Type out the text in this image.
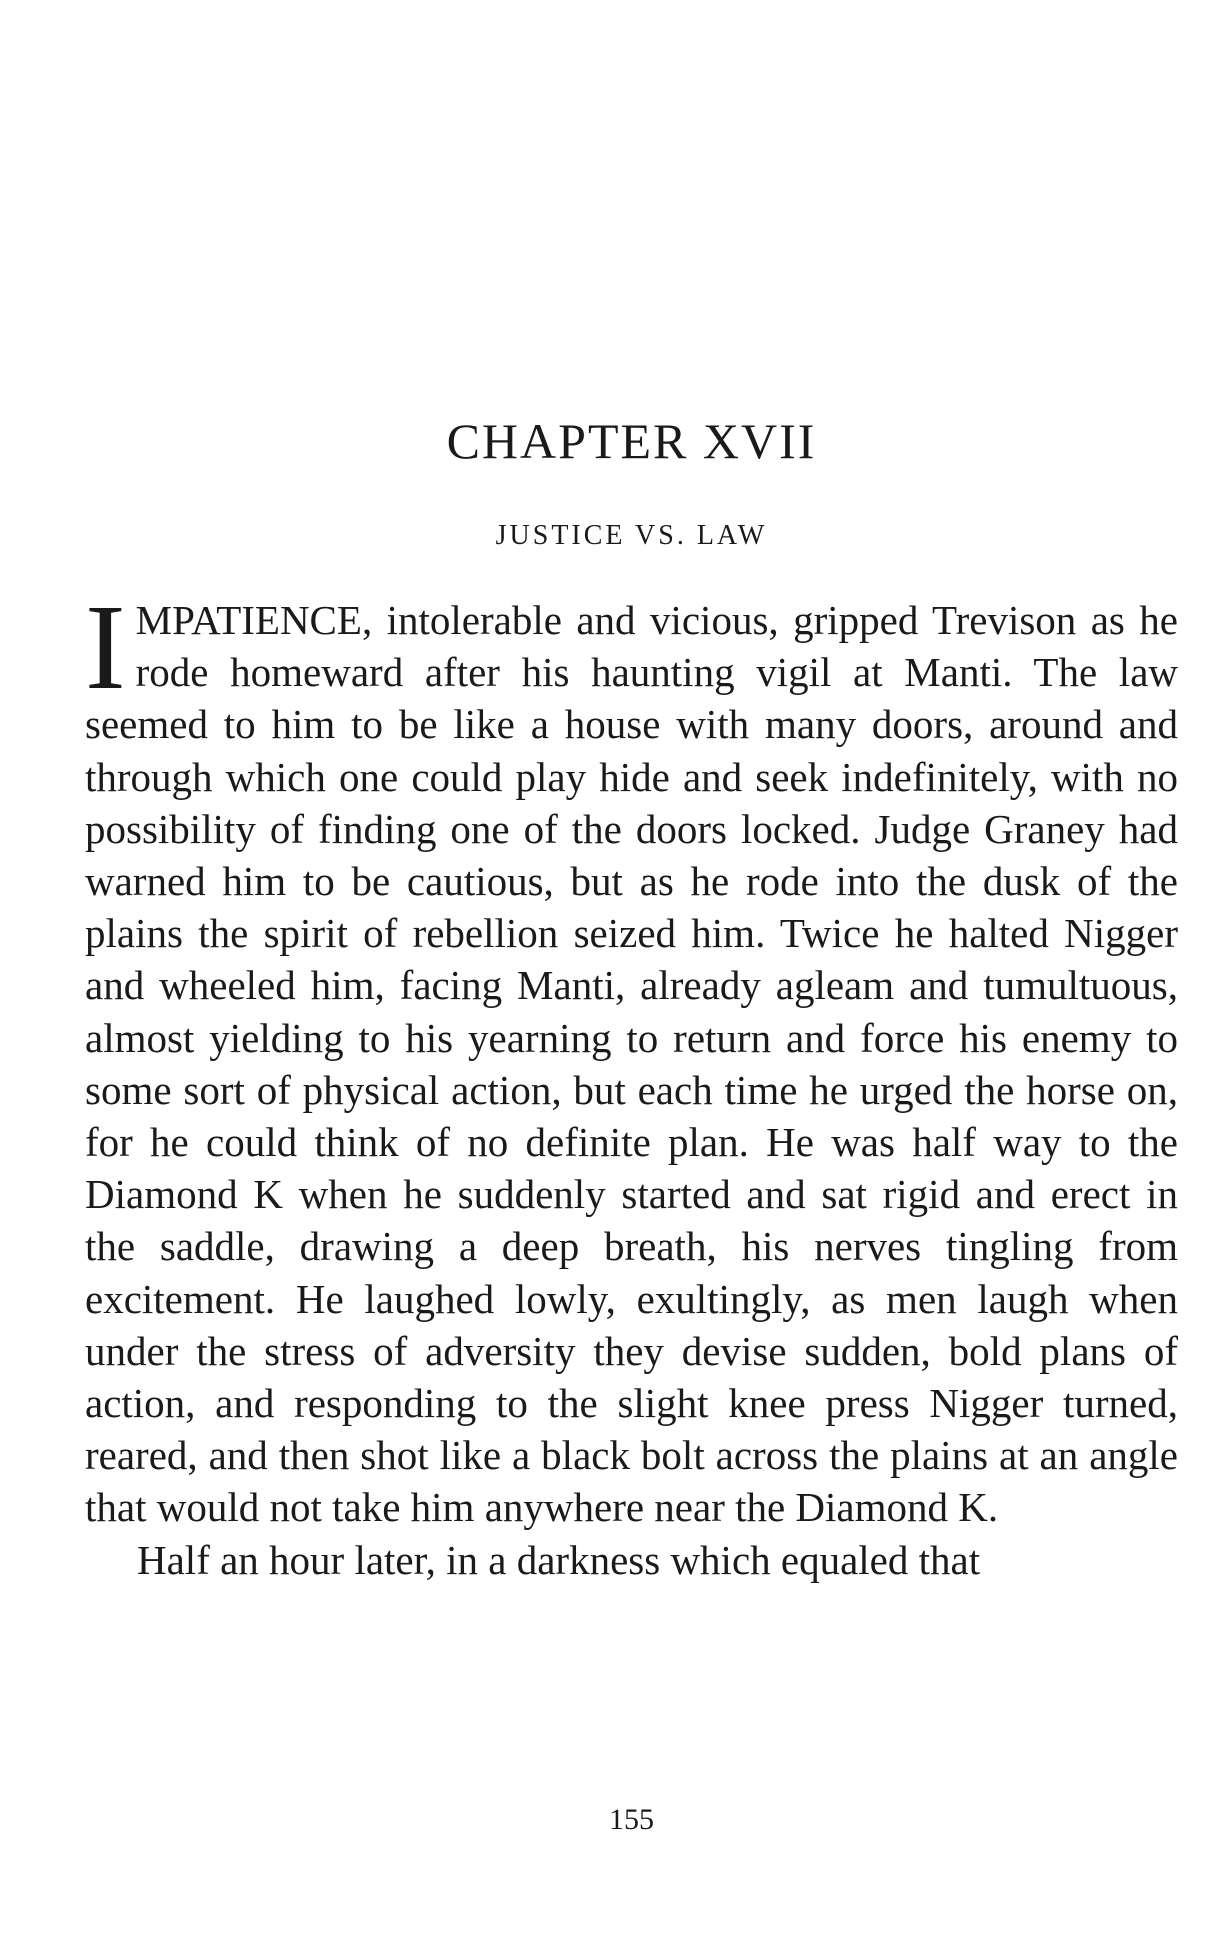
CHAPTER XVII
JUSTICE VS. LAW

IMPATIENCE, intolerable and vicious, gripped Trevison as he rode homeward after his haunting vigil at Manti. The law seemed to him to be like a house with many doors, around and through which one could play hide and seek indefinitely, with no possibility of finding one of the doors locked. Judge Graney had warned him to be cautious, but as he rode into the dusk of the plains the spirit of rebellion seized him. Twice he halted Nigger and wheeled him, facing Manti, already agleam and tumultuous, almost yielding to his yearning to return and force his enemy to some sort of physical action, but each time he urged the horse on, for he could think of no definite plan. He was half way to the Diamond K when he suddenly started and sat rigid and erect in the saddle, drawing a deep breath, his nerves tingling from excitement. He laughed lowly, exultingly, as men laugh when under the stress of adversity they devise sudden, bold plans of action, and responding to the slight knee press Nigger turned, reared, and then shot like a black bolt across the plains at an angle that would not take him anywhere near the Diamond K.

Half an hour later, in a darkness which equaled that

155
